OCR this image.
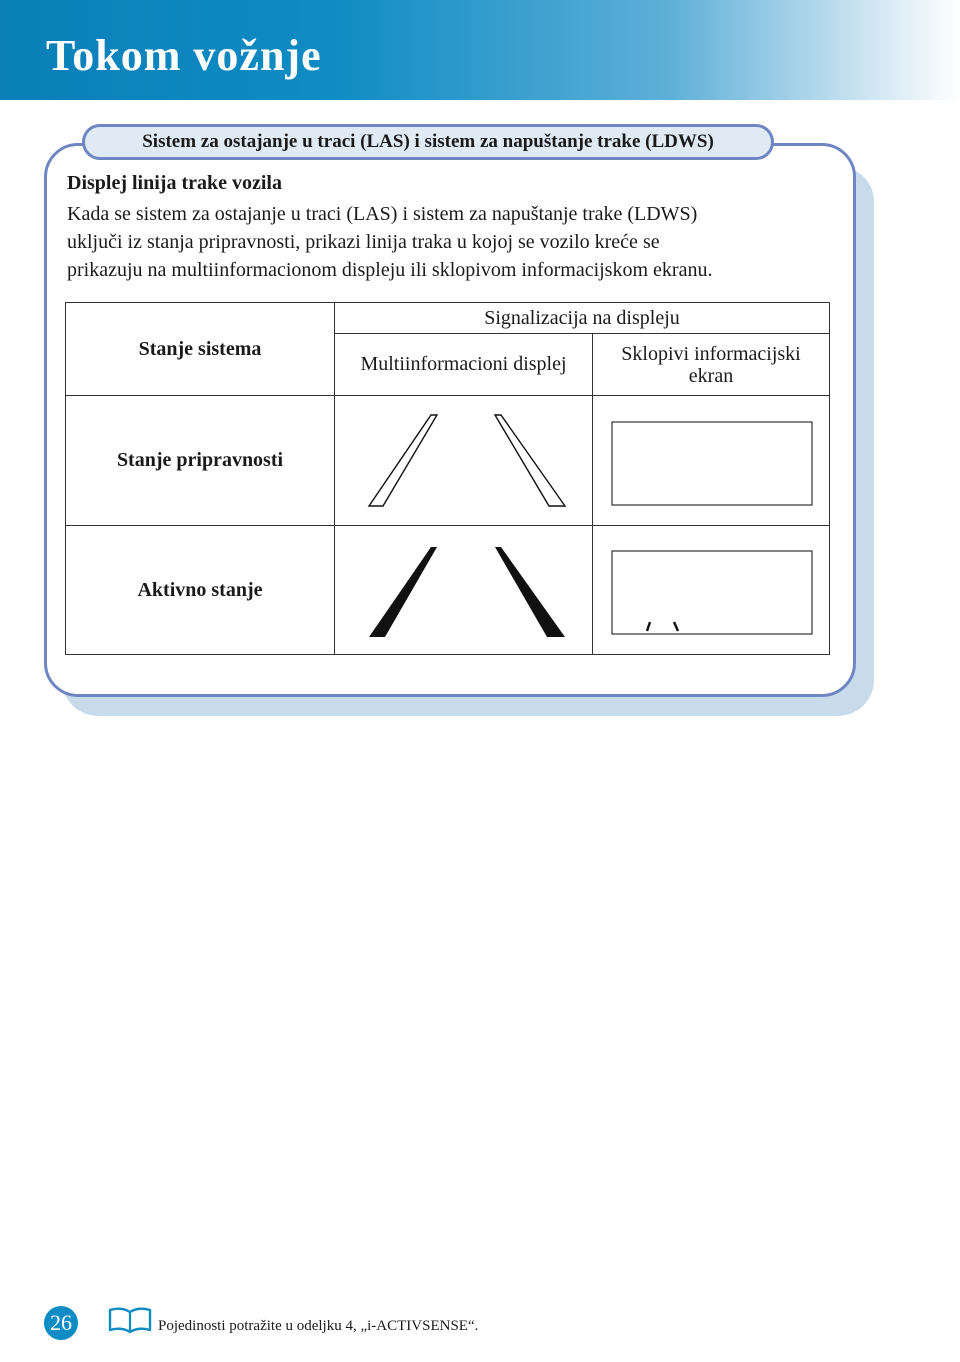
Tokom vožnje
Sistem za ostajanje u traci (LAS) i sistem za napuštanje trake (LDWS)
Displej linija trake vozila
Kada se sistem za ostajanje u traci (LAS) i sistem za napuštanje trake (LDWS)
uključi iz stanja pripravnosti, prikazi linija traka u kojoj se vozilo kreće se
prikazuju na multiinformacionom displeju ili sklopivom informacijskom ekranu.
Stanje sistema	Signalizacija na displeju	
	Multiinformacioni displej	Sklopivi informacijski ekran
Stanje pripravnosti	

Aktivno stanje	

26	Pojedinosti potražite u odeljku 4, „i-ACTIVSENSE“.
